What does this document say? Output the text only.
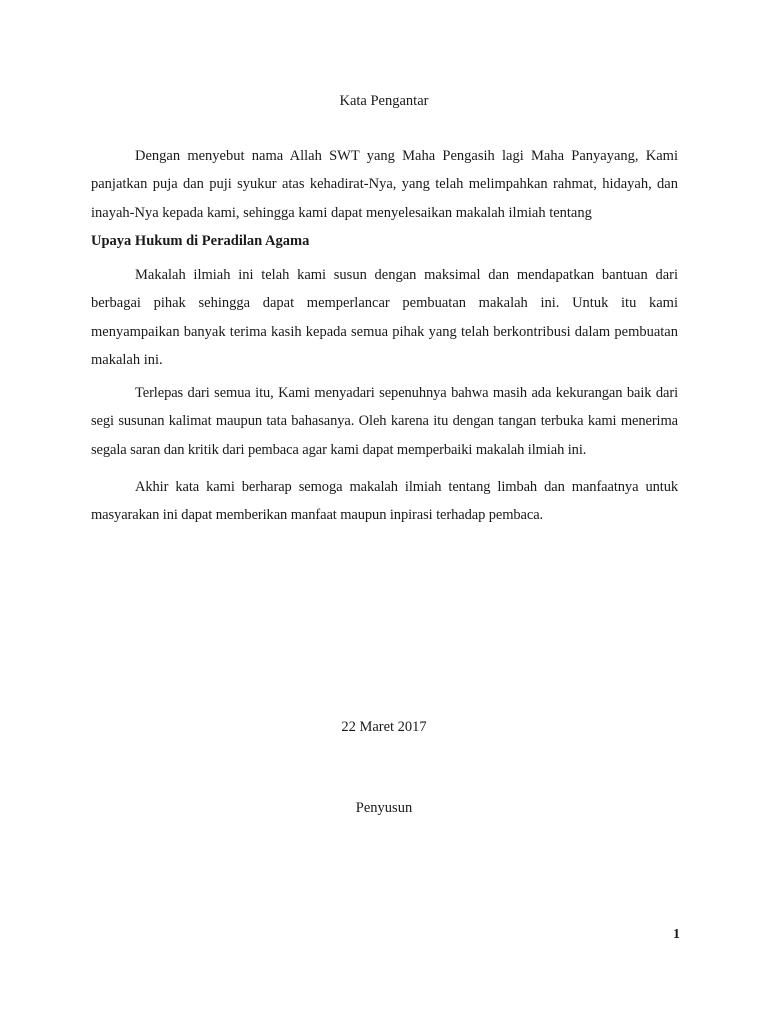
Kata Pengantar

Dengan menyebut nama Allah SWT yang Maha Pengasih lagi Maha Panyayang, Kami panjatkan puja dan puji syukur atas kehadirat-Nya, yang telah melimpahkan rahmat, hidayah, dan inayah-Nya kepada kami, sehingga kami dapat menyelesaikan makalah ilmiah tentang
Upaya Hukum di Peradilan Agama

Makalah ilmiah ini telah kami susun dengan maksimal dan mendapatkan bantuan dari berbagai pihak sehingga dapat memperlancar pembuatan makalah ini. Untuk itu kami menyampaikan banyak terima kasih kepada semua pihak yang telah berkontribusi dalam pembuatan makalah ini.

Terlepas dari semua itu, Kami menyadari sepenuhnya bahwa masih ada kekurangan baik dari segi susunan kalimat maupun tata bahasanya. Oleh karena itu dengan tangan terbuka kami menerima segala saran dan kritik dari pembaca agar kami dapat memperbaiki makalah ilmiah ini.

Akhir kata kami berharap semoga makalah ilmiah tentang limbah dan manfaatnya untuk masyarakan ini dapat memberikan manfaat maupun inpirasi terhadap pembaca.

22 Maret 2017
Penyusun
1
